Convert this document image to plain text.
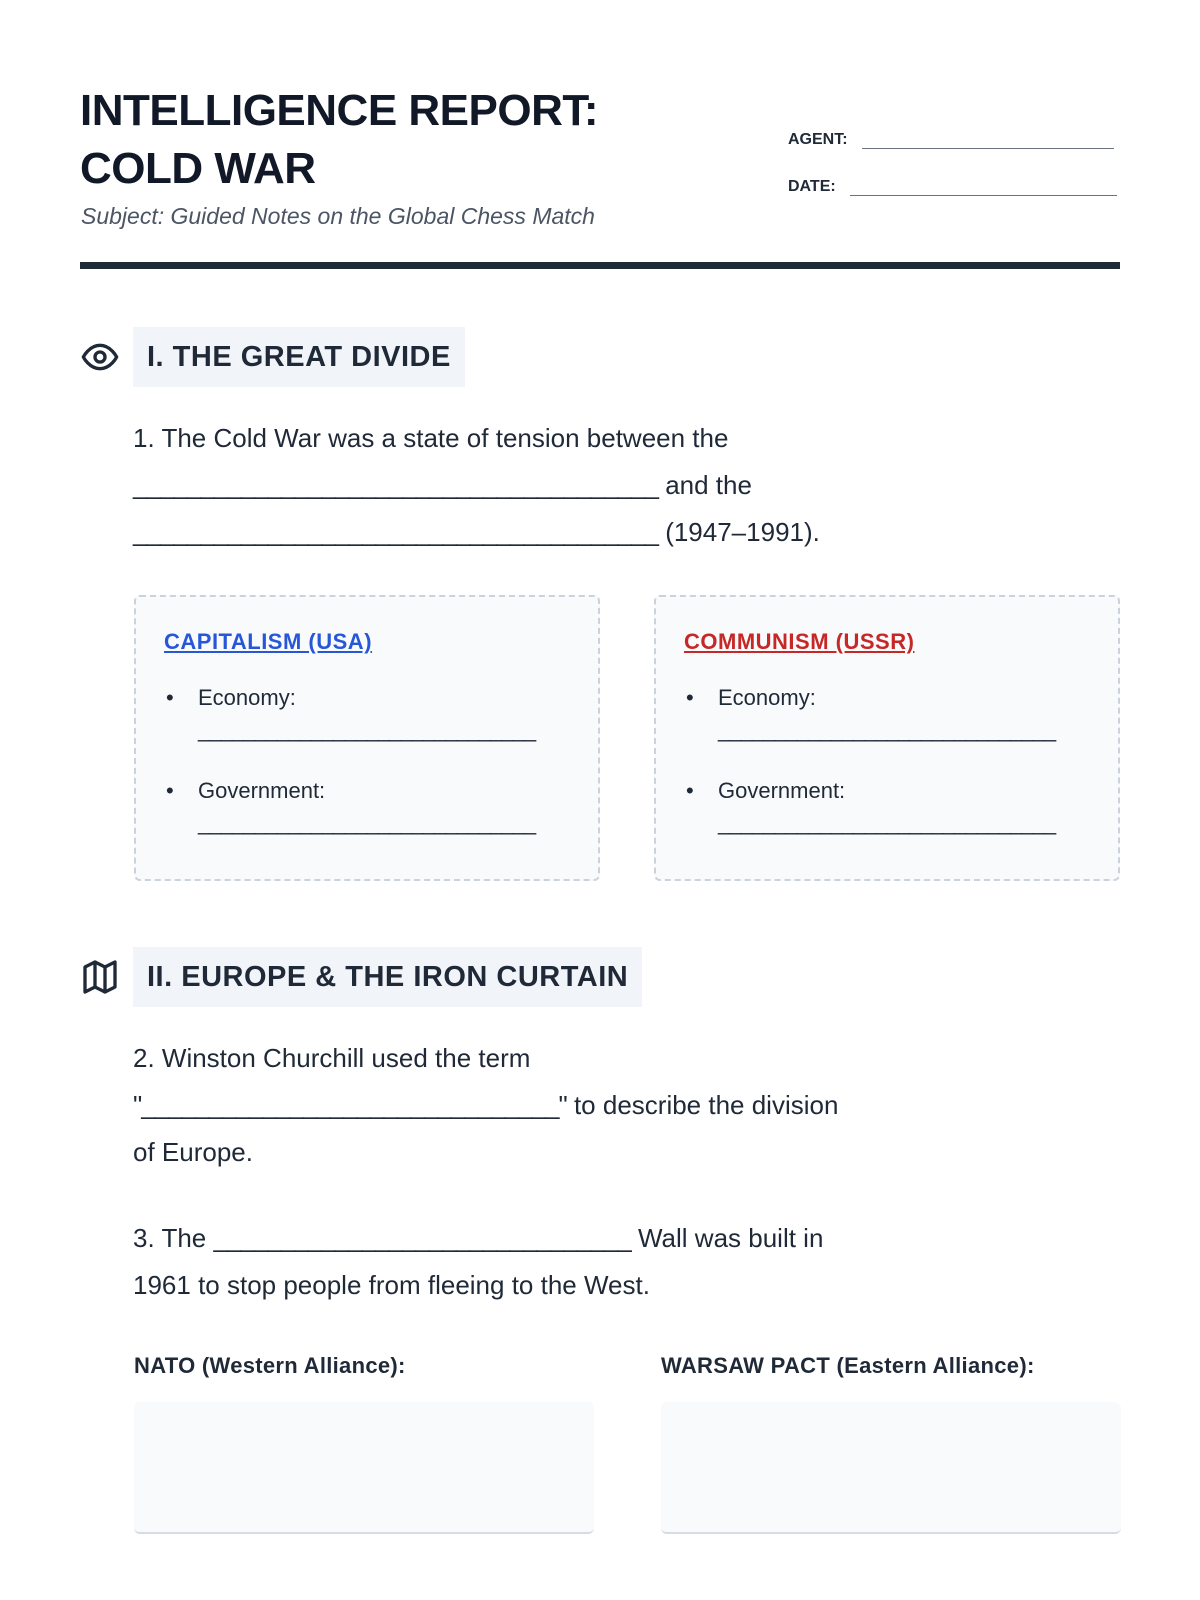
INTELLIGENCE REPORT: COLD WAR
Subject: Guided Notes on the Global Chess Match
AGENT:
DATE:
I. THE GREAT DIVIDE
1. The Cold War was a state of tension between the
_______________________________________ and the
_______________________________________ (1947–1991).
CAPITALISM (USA)
• Economy:
______________________________
• Government:
______________________________
COMMUNISM (USSR)
• Economy:
______________________________
• Government:
______________________________
II. EUROPE & THE IRON CURTAIN
2. Winston Churchill used the term
"_______________________________" to describe the division
of Europe.
3. The _______________________________ Wall was built in
1961 to stop people from fleeing to the West.
NATO (Western Alliance):	WARSAW PACT (Eastern Alliance):
